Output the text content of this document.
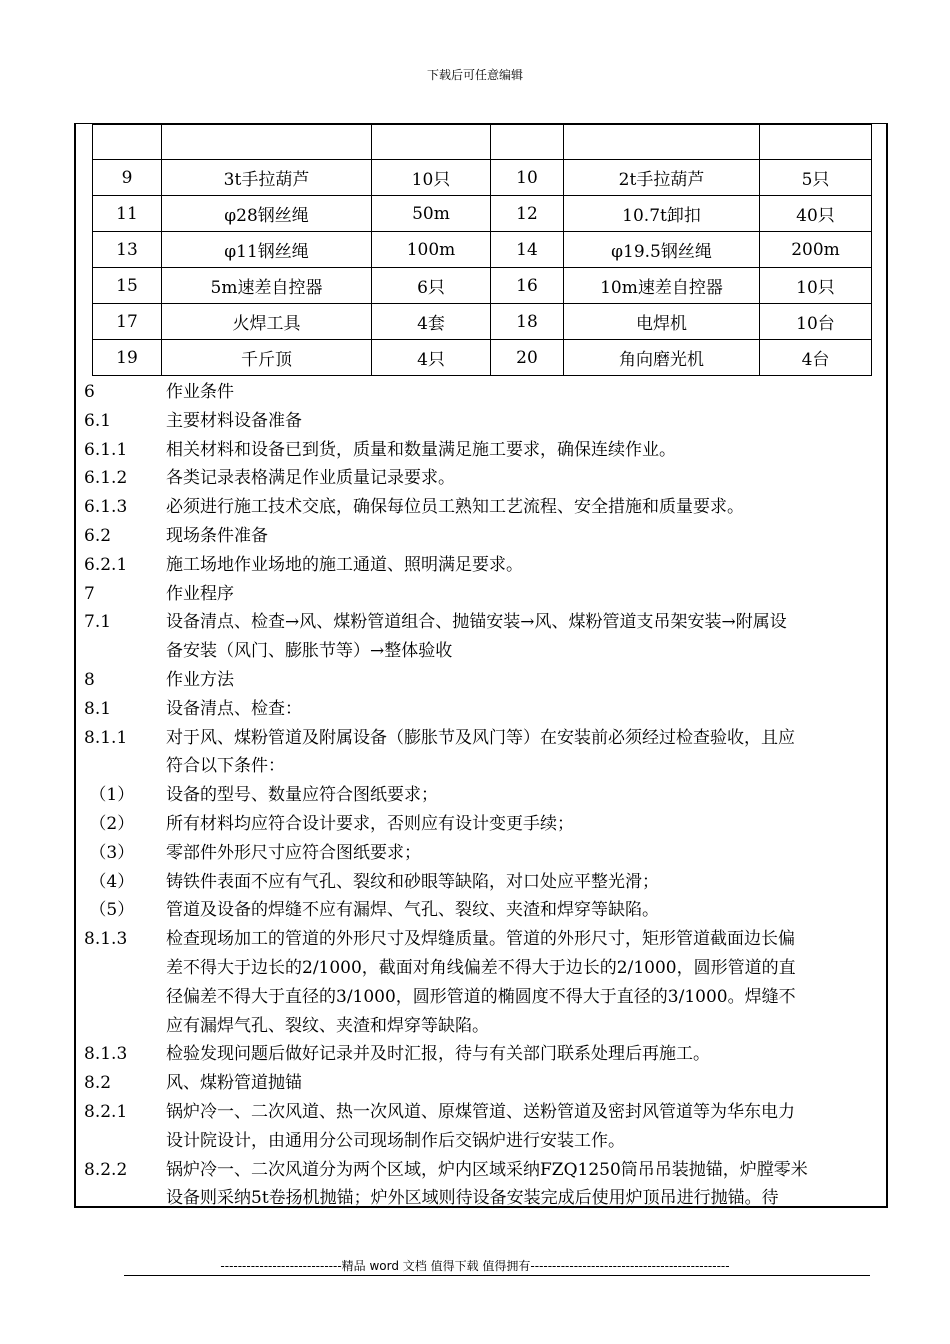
下载后可任意编辑

9	3t手拉葫芦	10只	10	2t手拉葫芦	5只
11	φ28钢丝绳	50m	12	10.7t卸扣	40只
13	φ11钢丝绳	100m	14	φ19.5钢丝绳	200m
15	5m速差自控器	6只	16	10m速差自控器	10只
17	火焊工具	4套	18	电焊机	10台
19	千斤顶	4只	20	角向磨光机	4台
6	作业条件
6.1	主要材料设备准备
6.1.1	相关材料和设备已到货，质量和数量满足施工要求，确保连续作业。
6.1.2	各类记录表格满足作业质量记录要求。
6.1.3	必须进行施工技术交底，确保每位员工熟知工艺流程、安全措施和质量要求。
6.2	现场条件准备
6.2.1	施工场地作业场地的施工通道、照明满足要求。
7	作业程序
7.1	设备清点、检查→风、煤粉管道组合、抛锚安装→风、煤粉管道支吊架安装→附属设
备安装（风门、膨胀节等）→整体验收
8	作业方法
8.1	设备清点、检查：
8.1.1	对于风、煤粉管道及附属设备（膨胀节及风门等）在安装前必须经过检查验收，且应
符合以下条件：
（1）	设备的型号、数量应符合图纸要求；
（2）	所有材料均应符合设计要求，否则应有设计变更手续；
（3）	零部件外形尺寸应符合图纸要求；
（4）	铸铁件表面不应有气孔、裂纹和砂眼等缺陷，对口处应平整光滑；
（5）	管道及设备的焊缝不应有漏焊、气孔、裂纹、夹渣和焊穿等缺陷。
8.1.3	检查现场加工的管道的外形尺寸及焊缝质量。管道的外形尺寸，矩形管道截面边长偏
差不得大于边长的2/1000，截面对角线偏差不得大于边长的2/1000，圆形管道的直
径偏差不得大于直径的3/1000，圆形管道的椭圆度不得大于直径的3/1000。焊缝不
应有漏焊气孔、裂纹、夹渣和焊穿等缺陷。
8.1.3	检验发现问题后做好记录并及时汇报，待与有关部门联系处理后再施工。
8.2	风、煤粉管道抛锚
8.2.1	锅炉冷一、二次风道、热一次风道、原煤管道、送粉管道及密封风管道等为华东电力
设计院设计，由通用分公司现场制作后交锅炉进行安装工作。
8.2.2	锅炉冷一、二次风道分为两个区域，炉内区域采纳FZQ1250筒吊吊装抛锚，炉膛零米
设备则采纳5t卷扬机抛锚；炉外区域则待设备安装完成后使用炉顶吊进行抛锚。待
----------------------------精品 word 文档 值得下载 值得拥有----------------------------------------------
